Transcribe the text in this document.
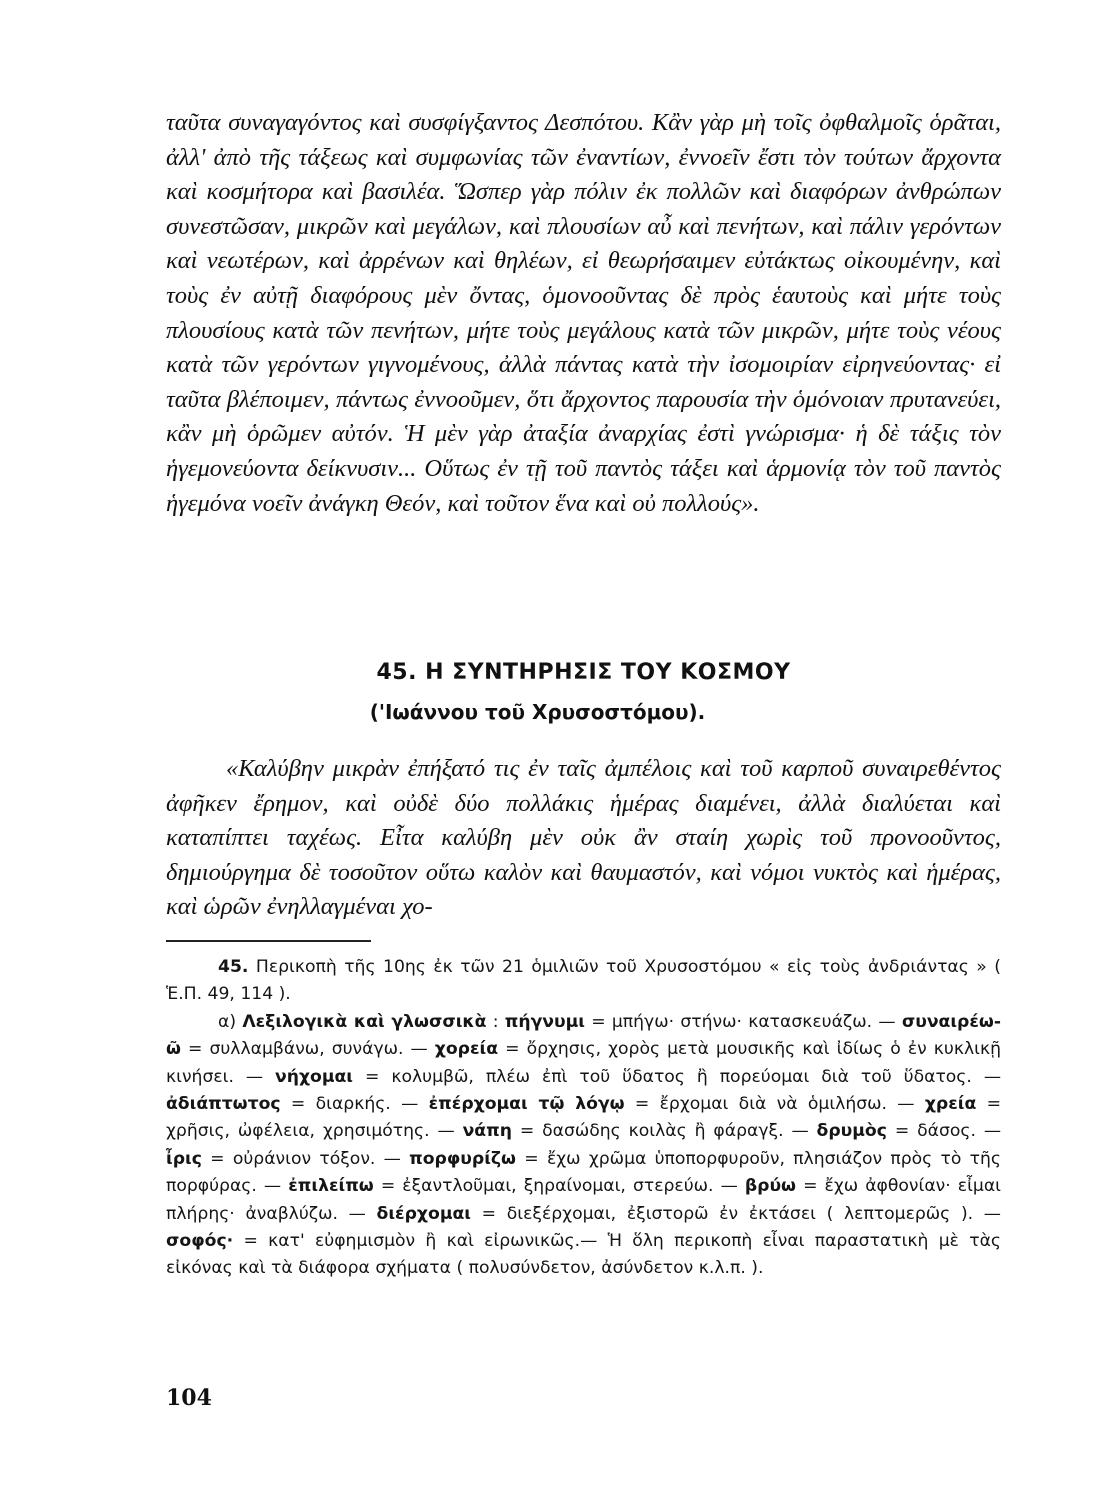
ταῦτα συναγαγόντος καὶ συσφίγξαντος Δεσπότου. Κἂν γὰρ μὴ τοῖς ὀφθαλμοῖς ὁρᾶται, ἀλλ' ἀπὸ τῆς τάξεως καὶ συμφωνίας τῶν ἐναντίων, ἐννοεῖν ἔστι τὸν τούτων ἄρχοντα καὶ κοσμήτορα καὶ βασιλέα. Ὥσπερ γὰρ πόλιν ἐκ πολλῶν καὶ διαφόρων ἀνθρώπων συνεστῶσαν, μικρῶν καὶ μεγάλων, καὶ πλουσίων αὖ καὶ πενήτων, καὶ πάλιν γερόντων καὶ νεωτέρων, καὶ ἀρρένων καὶ θηλέων, εἰ θεωρήσαιμεν εὐτάκτως οἰκουμένην, καὶ τοὺς ἐν αὐτῇ διαφόρους μὲν ὄντας, ὁμονοοῦντας δὲ πρὸς ἑαυτοὺς καὶ μήτε τοὺς πλουσίους κατὰ τῶν πενήτων, μήτε τοὺς μεγάλους κατὰ τῶν μικρῶν, μήτε τοὺς νέους κατὰ τῶν γερόντων γιγνομένους, ἀλλὰ πάντας κατὰ τὴν ἰσομοιρίαν εἰρηνεύοντας· εἰ ταῦτα βλέποιμεν, πάντως ἐννοοῦμεν, ὅτι ἄρχοντος παρουσία τὴν ὁμόνοιαν πρυτανεύει, κἂν μὴ ὁρῶμεν αὐτόν. Ἡ μὲν γὰρ ἀταξία ἀναρχίας ἐστὶ γνώρισμα· ἡ δὲ τάξις τὸν ἡγεμονεύοντα δείκνυσιν... Οὕτως ἐν τῇ τοῦ παντὸς τάξει καὶ ἁρμονίᾳ τὸν τοῦ παντὸς ἡγεμόνα νοεῖν ἀνάγκη Θεόν, καὶ τοῦτον ἕνα καὶ οὐ πολλούς».

45. Η ΣΥΝΤΗΡΗΣΙΣ ΤΟΥ ΚΟΣΜΟΥ
('Ιωάννου τοῦ Χρυσοστόμου).

«Καλύβην μικρὰν ἐπήξατό τις ἐν ταῖς ἀμπέλοις καὶ τοῦ καρποῦ συναιρεθέντος ἀφῆκεν ἔρημον, καὶ οὐδὲ δύο πολλάκις ἡμέρας διαμένει, ἀλλὰ διαλύεται καὶ καταπίπτει ταχέως. Εἶτα καλύβη μὲν οὐκ ἂν σταίη χωρὶς τοῦ προνοοῦντος, δημιούργημα δὲ τοσοῦτον οὕτω καλὸν καὶ θαυμαστόν, καὶ νόμοι νυκτὸς καὶ ἡμέρας, καὶ ὡρῶν ἐνηλλαγμέναι χο-

45. Περικοπὴ τῆς 10ης ἐκ τῶν 21 ὁμιλιῶν τοῦ Χρυσοστόμου « εἰς τοὺς ἀνδριάντας » ( Ἑ.Π. 49, 114 ).

α) Λεξιλογικὰ καὶ γλωσσικὰ : πήγνυμι = μπήγω· στήνω· κατασκευάζω. — συναιρέω-ῶ = συλλαμβάνω, συνάγω. — χορεία = ὄρχησις, χορὸς μετὰ μουσικῆς καὶ ἰδίως ὁ ἐν κυκλικῇ κινήσει. — νήχομαι = κολυμβῶ, πλέω ἐπὶ τοῦ ὕδατος ἢ πορεύομαι διὰ τοῦ ὕδατος. — ἀδιάπτωτος = διαρκής. — ἐπέρχομαι τῷ λόγῳ = ἔρχομαι διὰ νὰ ὁμιλήσω. — χρεία = χρῆσις, ὠφέλεια, χρησιμότης. — νάπη = δασώδης κοιλὰς ἢ φάραγξ. — δρυμὸς = δάσος. — ἶρις = οὐράνιον τόξον. — πορφυρίζω = ἔχω χρῶμα ὑποπορφυροῦν, πλησιάζον πρὸς τὸ τῆς πορφύρας. — ἐπιλείπω = ἐξαντλοῦμαι, ξηραίνομαι, στερεύω. — βρύω = ἔχω ἀφθονίαν· εἶμαι πλήρης· ἀναβλύζω. — διέρχομαι = διεξέρχομαι, ἐξιστορῶ ἐν ἐκτάσει ( λεπτομερῶς ). — σοφός· = κατ' εὐφημισμὸν ἢ καὶ εἰρωνικῶς.— Ἡ ὅλη περικοπὴ εἶναι παραστατικὴ μὲ τὰς εἰκόνας καὶ τὰ διάφορα σχήματα ( πολυσύνδετον, ἀσύνδετον κ.λ.π. ).

104
